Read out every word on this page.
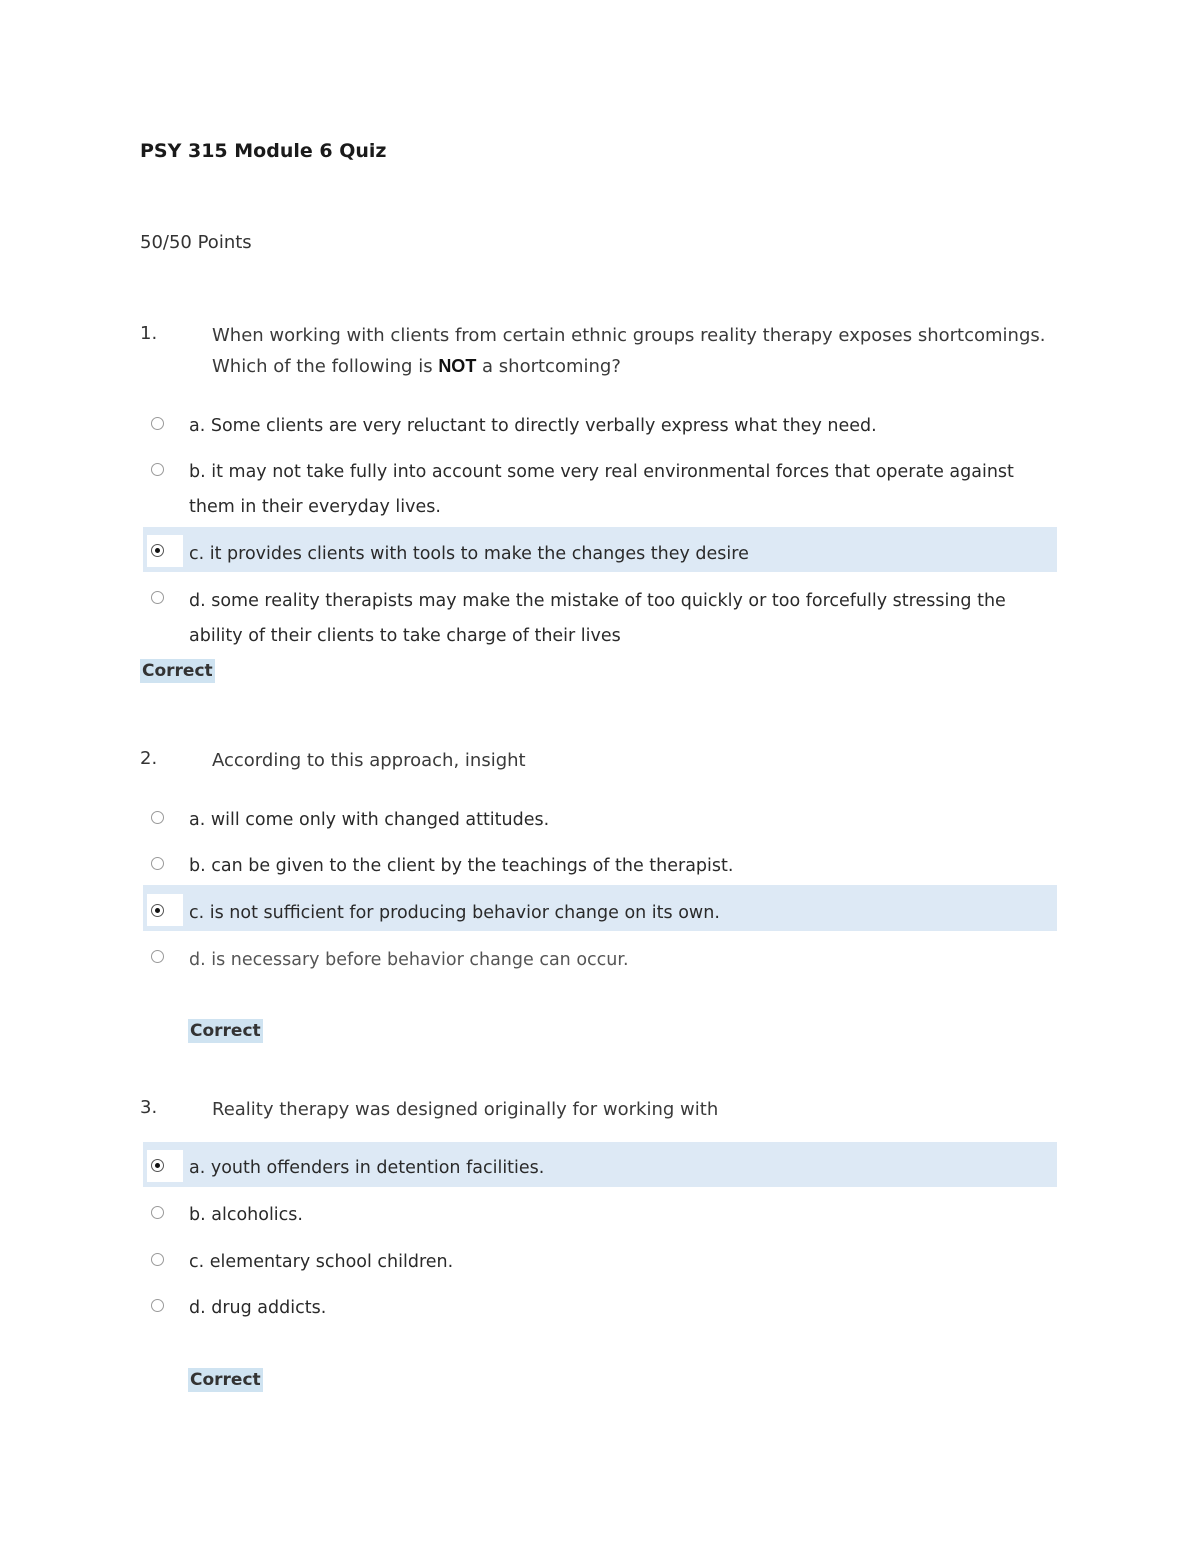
PSY 315 Module 6 Quiz
50/50 Points
1.	When working with clients from certain ethnic groups reality therapy exposes shortcomings. Which of the following is NOT a shortcoming?
a. Some clients are very reluctant to directly verbally express what they need.
b. it may not take fully into account some very real environmental forces that operate against them in their everyday lives.
c. it provides clients with tools to make the changes they desire
d. some reality therapists may make the mistake of too quickly or too forcefully stressing the ability of their clients to take charge of their lives
Correct
2.	According to this approach, insight
a. will come only with changed attitudes.
b. can be given to the client by the teachings of the therapist.
c. is not sufficient for producing behavior change on its own.
d. is necessary before behavior change can occur.
Correct
3.	Reality therapy was designed originally for working with
a. youth offenders in detention facilities.
b. alcoholics.
c. elementary school children.
d. drug addicts.
Correct
